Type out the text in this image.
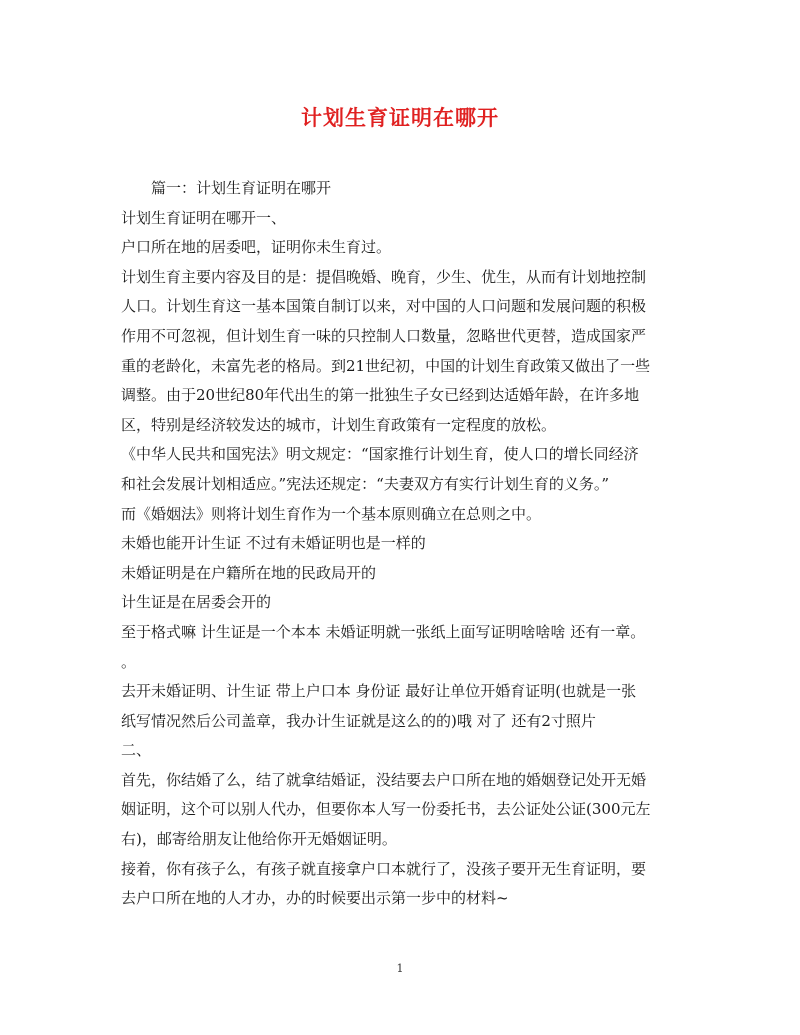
计划生育证明在哪开

篇一：计划生育证明在哪开

计划生育证明在哪开一、

户口所在地的居委吧，证明你未生育过。

计划生育主要内容及目的是：提倡晚婚、晚育，少生、优生，从而有计划地控制

人口。计划生育这一基本国策自制订以来，对中国的人口问题和发展问题的积极

作用不可忽视，但计划生育一味的只控制人口数量，忽略世代更替，造成国家严

重的老龄化，未富先老的格局。到21世纪初，中国的计划生育政策又做出了一些

调整。由于20世纪80年代出生的第一批独生子女已经到达适婚年龄，在许多地

区，特别是经济较发达的城市，计划生育政策有一定程度的放松。

《中华人民共和国宪法》明文规定：“国家推行计划生育，使人口的增长同经济

和社会发展计划相适应。”宪法还规定：“夫妻双方有实行计划生育的义务。”

而《婚姻法》则将计划生育作为一个基本原则确立在总则之中。

未婚也能开计生证 不过有未婚证明也是一样的

未婚证明是在户籍所在地的民政局开的

计生证是在居委会开的

至于格式嘛 计生证是一个本本 未婚证明就一张纸上面写证明啥啥啥 还有一章。

。

去开未婚证明、计生证 带上户口本 身份证 最好让单位开婚育证明(也就是一张

纸写情况然后公司盖章，我办计生证就是这么的的)哦 对了 还有2寸照片

二、

首先，你结婚了么，结了就拿结婚证，没结要去户口所在地的婚姻登记处开无婚

姻证明，这个可以别人代办，但要你本人写一份委托书，去公证处公证(300元左

右)，邮寄给朋友让他给你开无婚姻证明。

接着，你有孩子么，有孩子就直接拿户口本就行了，没孩子要开无生育证明，要

去户口所在地的人才办，办的时候要出示第一步中的材料~

1
